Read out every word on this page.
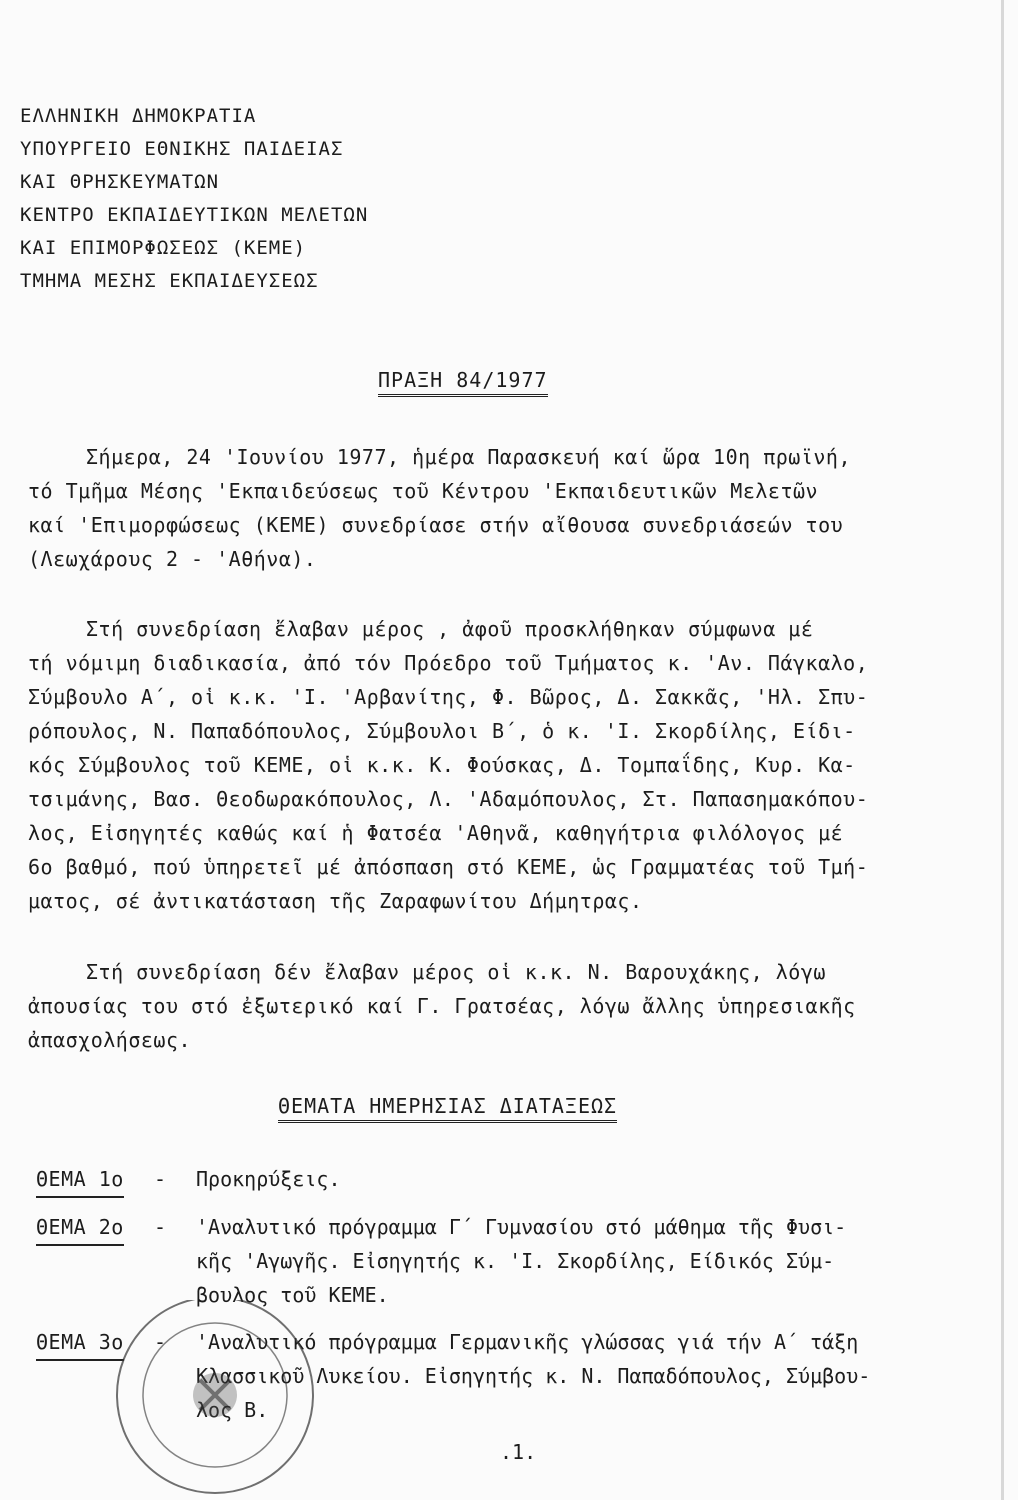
ΕΛΛΗΝΙΚΗ ΔΗΜΟΚΡΑΤΙΑ
ΥΠΟΥΡΓΕΙΟ ΕΘΝΙΚΗΣ ΠΑΙΔΕΙΑΣ
ΚΑΙ ΘΡΗΣΚΕΥΜΑΤΩΝ
ΚΕΝΤΡΟ ΕΚΠΑΙΔΕΥΤΙΚΩΝ ΜΕΛΕΤΩΝ
ΚΑΙ ΕΠΙΜΟΡΦΩΣΕΩΣ (ΚΕΜΕ)
ΤΜΗΜΑ ΜΕΣΗΣ ΕΚΠΑΙΔΕΥΣΕΩΣ
ΠΡΑΞΗ 84/1977
Σήμερα, 24 'Ιουνίου 1977, ἡμέρα Παρασκευή καί ὥρα 10η πρωϊνή,
τό Τμῆμα Μέσης 'Εκπαιδεύσεως τοῦ Κέντρου 'Εκπαιδευτικῶν Μελετῶν
καί 'Επιμορφώσεως (ΚΕΜΕ) συνεδρίασε στήν αἴθουσα συνεδριάσεών του
(Λεωχάρους 2 - 'Αθήνα).
Στή συνεδρίαση ἔλαβαν μέρος , ἀφοῦ προσκλήθηκαν σύμφωνα μέ
τή νόμιμη διαδικασία, ἀπό τόν Πρόεδρο τοῦ Τμήματος κ. 'Αν. Πάγκαλο,
Σύμβουλο Α΄, οἱ κ.κ. 'Ι. 'Αρβανίτης, Φ. Βῶρος, Δ. Σακκᾶς, 'Ηλ. Σπυ-
ρόπουλος, Ν. Παπαδόπουλος, Σύμβουλοι Β΄, ὁ κ. 'Ι. Σκορδίλης, Είδι-
κός Σύμβουλος τοῦ ΚΕΜΕ, οἱ κ.κ. Κ. Φούσκας, Δ. Τομπαΐδης, Κυρ. Κα-
τσιμάνης, Βασ. Θεοδωρακόπουλος, Λ. 'Αδαμόπουλος, Στ. Παπασημακόπου-
λος, Εἰσηγητές καθώς καί ἡ Φατσέα 'Αθηνᾶ, καθηγήτρια φιλόλογος μέ
6ο βαθμό, πού ὑπηρετεῖ μέ ἀπόσπαση στό ΚΕΜΕ, ὡς Γραμματέας τοῦ Τμή-
ματος, σέ ἀντικατάσταση τῆς Ζαραφωνίτου Δήμητρας.
Στή συνεδρίαση δέν ἔλαβαν μέρος οἱ κ.κ. Ν. Βαρουχάκης, λόγω
ἀπουσίας του στό ἐξωτερικό καί Γ. Γρατσέας, λόγω ἄλλης ὑπηρεσιακῆς
ἀπασχολήσεως.
ΘΕΜΑΤΑ ΗΜΕΡΗΣΙΑΣ ΔΙΑΤΑΞΕΩΣ
ΘΕΜΑ 1ο - Προκηρύξεις.
ΘΕΜΑ 2ο - 'Αναλυτικό πρόγραμμα Γ΄ Γυμνασίου στό μάθημα τῆς Φυσι-
κῆς 'Αγωγῆς. Εἰσηγητής κ. 'Ι. Σκορδίλης, Είδικός Σύμ-
βουλος τοῦ ΚΕΜΕ.
ΘΕΜΑ 3ο - 'Αναλυτικό πρόγραμμα Γερμανικῆς γλώσσας γιά τήν Α΄ τάξη
Κλασσικοῦ Λυκείου. Εἰσηγητής κ. Ν. Παπαδόπουλος, Σύμβου-
λος Β.
.1.
